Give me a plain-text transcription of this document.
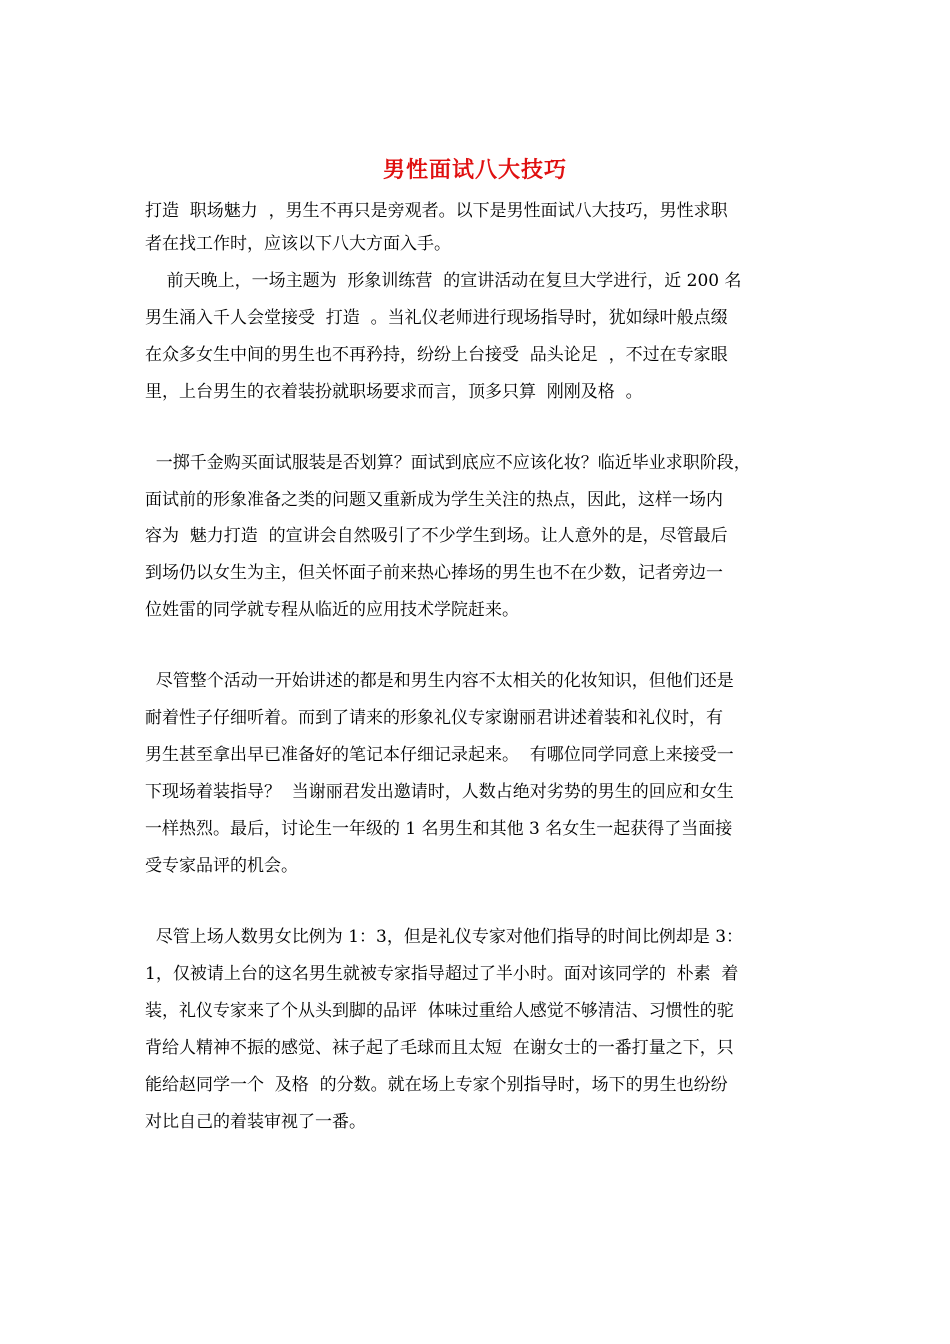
男性面试八大技巧
打造  职场魅力  ，男生不再只是旁观者。以下是男性面试八大技巧，男性求职
者在找工作时，应该以下八大方面入手。
前天晚上，一场主题为  形象训练营  的宣讲活动在复旦大学进行，近 200 名
男生涌入千人会堂接受  打造  。当礼仪老师进行现场指导时，犹如绿叶般点缀
在众多女生中间的男生也不再矜持，纷纷上台接受  品头论足  ，不过在专家眼
里，上台男生的衣着装扮就职场要求而言，顶多只算  刚刚及格  。
一掷千金购买面试服装是否划算？面试到底应不应该化妆？临近毕业求职阶段，
面试前的形象准备之类的问题又重新成为学生关注的热点，因此，这样一场内
容为  魅力打造  的宣讲会自然吸引了不少学生到场。让人意外的是，尽管最后
到场仍以女生为主，但关怀面子前来热心捧场的男生也不在少数，记者旁边一
位姓雷的同学就专程从临近的应用技术学院赶来。
尽管整个活动一开始讲述的都是和男生内容不太相关的化妆知识，但他们还是
耐着性子仔细听着。而到了请来的形象礼仪专家谢丽君讲述着装和礼仪时，有
男生甚至拿出早已准备好的笔记本仔细记录起来。  有哪位同学同意上来接受一
下现场着装指导？  当谢丽君发出邀请时，人数占绝对劣势的男生的回应和女生
一样热烈。最后，讨论生一年级的 1 名男生和其他 3 名女生一起获得了当面接
受专家品评的机会。
尽管上场人数男女比例为 1：3，但是礼仪专家对他们指导的时间比例却是 3：
1，仅被请上台的这名男生就被专家指导超过了半小时。面对该同学的  朴素  着
装，礼仪专家来了个从头到脚的品评  体味过重给人感觉不够清洁、习惯性的驼
背给人精神不振的感觉、袜子起了毛球而且太短  在谢女士的一番打量之下，只
能给赵同学一个  及格  的分数。就在场上专家个别指导时，场下的男生也纷纷
对比自己的着装审视了一番。
